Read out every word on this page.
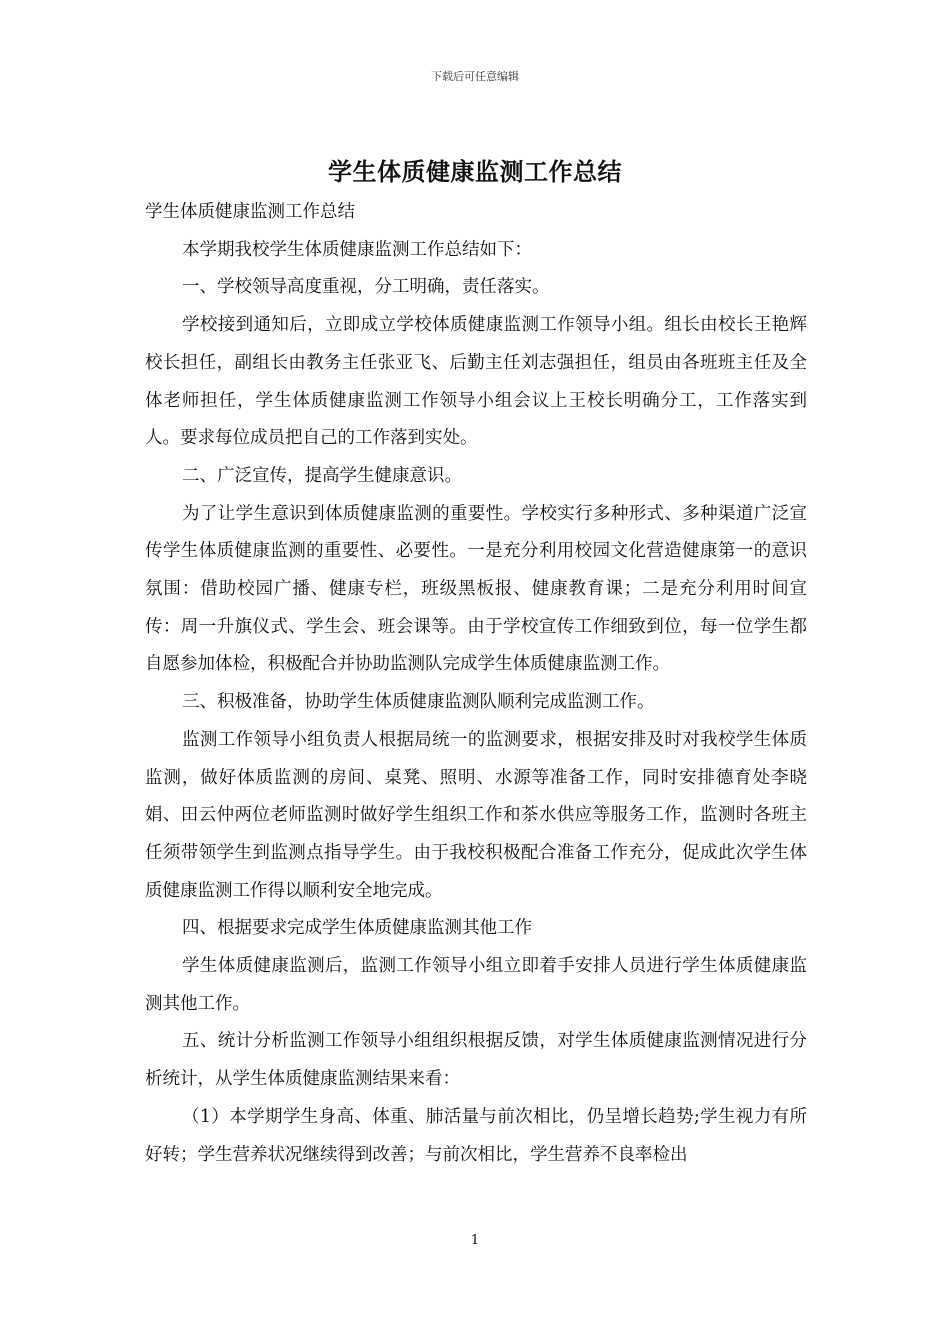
下载后可任意编辑
学生体质健康监测工作总结

学生体质健康监测工作总结

本学期我校学生体质健康监测工作总结如下：

一、学校领导高度重视，分工明确，责任落实。

学校接到通知后，立即成立学校体质健康监测工作领导小组。组长由校长王艳辉校长担任，副组长由教务主任张亚飞、后勤主任刘志强担任，组员由各班班主任及全体老师担任，学生体质健康监测工作领导小组会议上王校长明确分工，工作落实到人。要求每位成员把自己的工作落到实处。

二、广泛宣传，提高学生健康意识。

为了让学生意识到体质健康监测的重要性。学校实行多种形式、多种渠道广泛宣传学生体质健康监测的重要性、必要性。一是充分利用校园文化营造健康第一的意识氛围：借助校园广播、健康专栏，班级黑板报、健康教育课；二是充分利用时间宣传：周一升旗仪式、学生会、班会课等。由于学校宣传工作细致到位，每一位学生都自愿参加体检，积极配合并协助监测队完成学生体质健康监测工作。

三、积极准备，协助学生体质健康监测队顺利完成监测工作。

监测工作领导小组负责人根据局统一的监测要求，根据安排及时对我校学生体质监测，做好体质监测的房间、桌凳、照明、水源等准备工作，同时安排德育处李晓娟、田云仲两位老师监测时做好学生组织工作和茶水供应等服务工作，监测时各班主任须带领学生到监测点指导学生。由于我校积极配合准备工作充分，促成此次学生体质健康监测工作得以顺利安全地完成。

四、根据要求完成学生体质健康监测其他工作

学生体质健康监测后，监测工作领导小组立即着手安排人员进行学生体质健康监测其他工作。

五、统计分析监测工作领导小组组织根据反馈，对学生体质健康监测情况进行分析统计，从学生体质健康监测结果来看：

（1）本学期学生身高、体重、肺活量与前次相比，仍呈增长趋势;学生视力有所好转；学生营养状况继续得到改善；与前次相比，学生营养不良率检出

1
